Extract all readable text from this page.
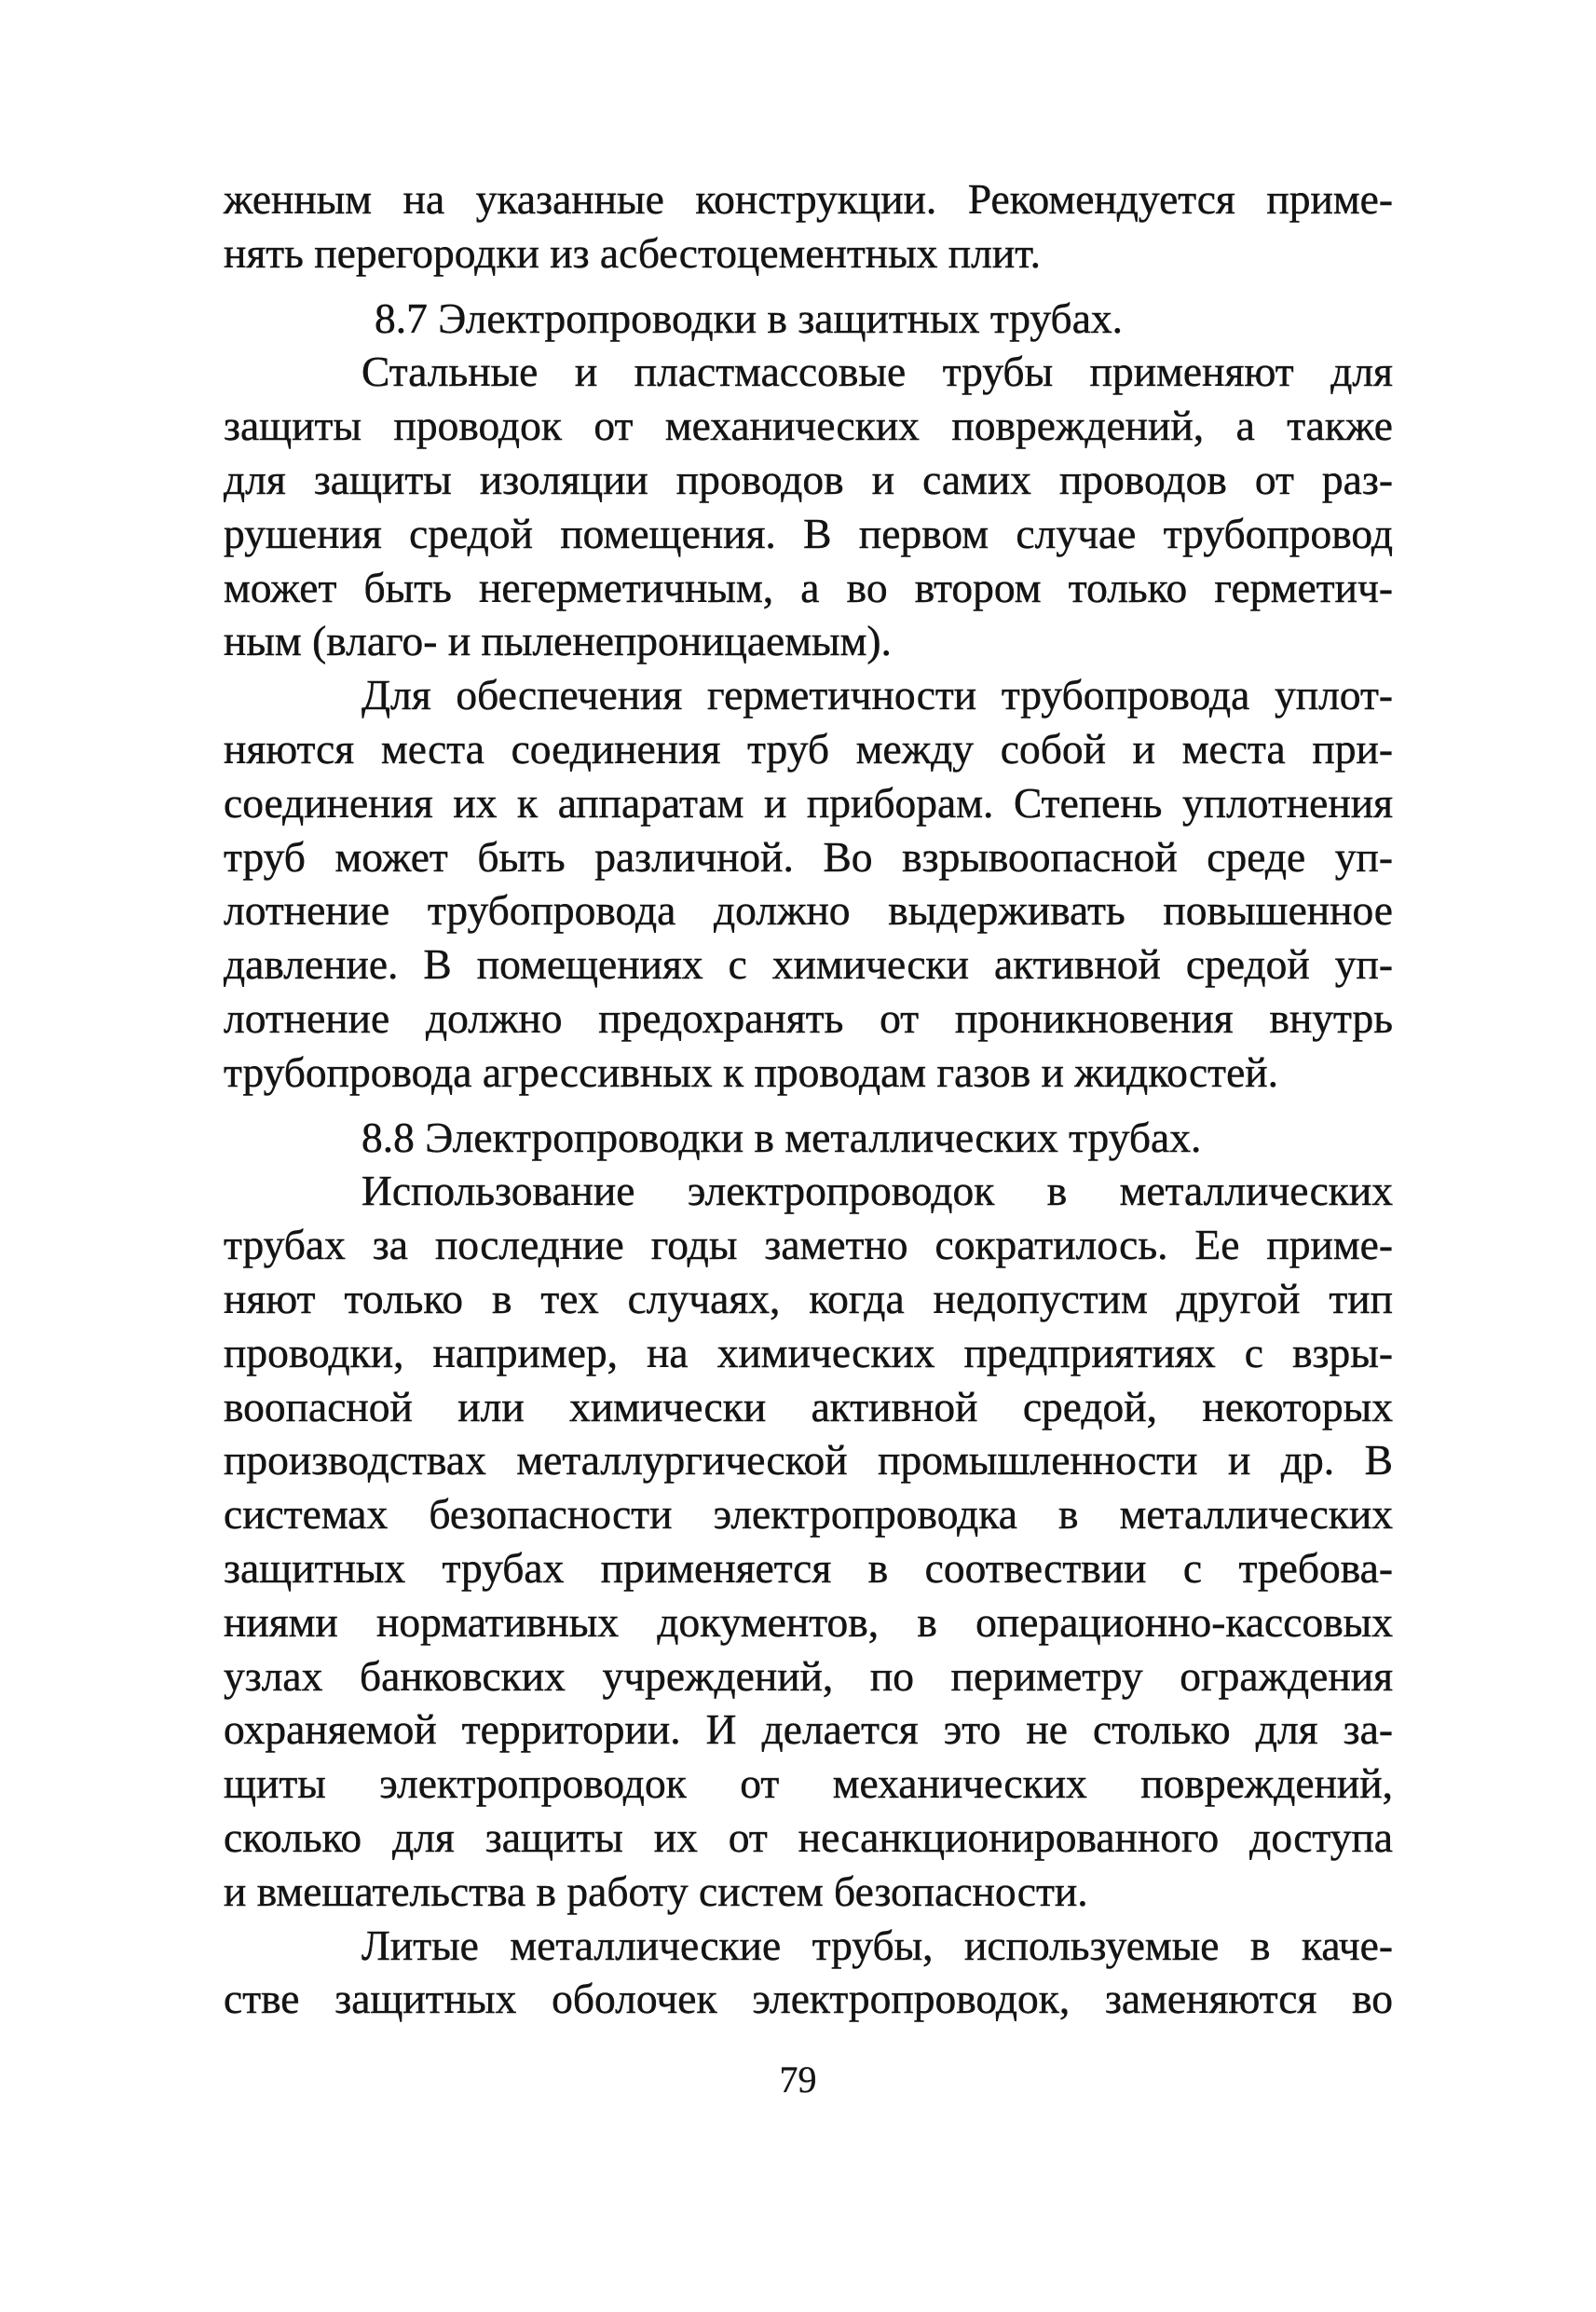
женным на указанные конструкции. Рекомендуется приме-
нять перегородки из асбестоцементных плит.
8.7 Электропроводки в защитных трубах.
Стальные и пластмассовые трубы применяют для
защиты проводок от механических повреждений, а также
для защиты изоляции проводов и самих проводов от раз-
рушения средой помещения. В первом случае трубопровод
может быть негерметичным, а во втором только герметич-
ным (влаго- и пыленепроницаемым).
Для обеспечения герметичности трубопровода уплот-
няются места соединения труб между собой и места при-
соединения их к аппаратам и приборам. Степень уплотнения
труб может быть различной. Во взрывоопасной среде уп-
лотнение трубопровода должно выдерживать повышенное
давление. В помещениях с химически активной средой уп-
лотнение должно предохранять от проникновения внутрь
трубопровода агрессивных к проводам газов и жидкостей.
8.8 Электропроводки в металлических трубах.
Использование электропроводок в металлических
трубах за последние годы заметно сократилось. Ее приме-
няют только в тех случаях, когда недопустим другой тип
проводки, например, на химических предприятиях с взры-
воопасной или химически активной средой, некоторых
производствах металлургической промышленности и др. В
системах безопасности электропроводка в металлических
защитных трубах применяется в соотвествии с требова-
ниями нормативных документов, в операционно-кассовых
узлах банковских учреждений, по периметру ограждения
охраняемой территории. И делается это не столько для за-
щиты электропроводок от механических повреждений,
сколько для защиты их от несанкционированного доступа
и вмешательства в работу систем безопасности.
Литые металлические трубы, используемые в каче-
стве защитных оболочек электропроводок, заменяются во
79
